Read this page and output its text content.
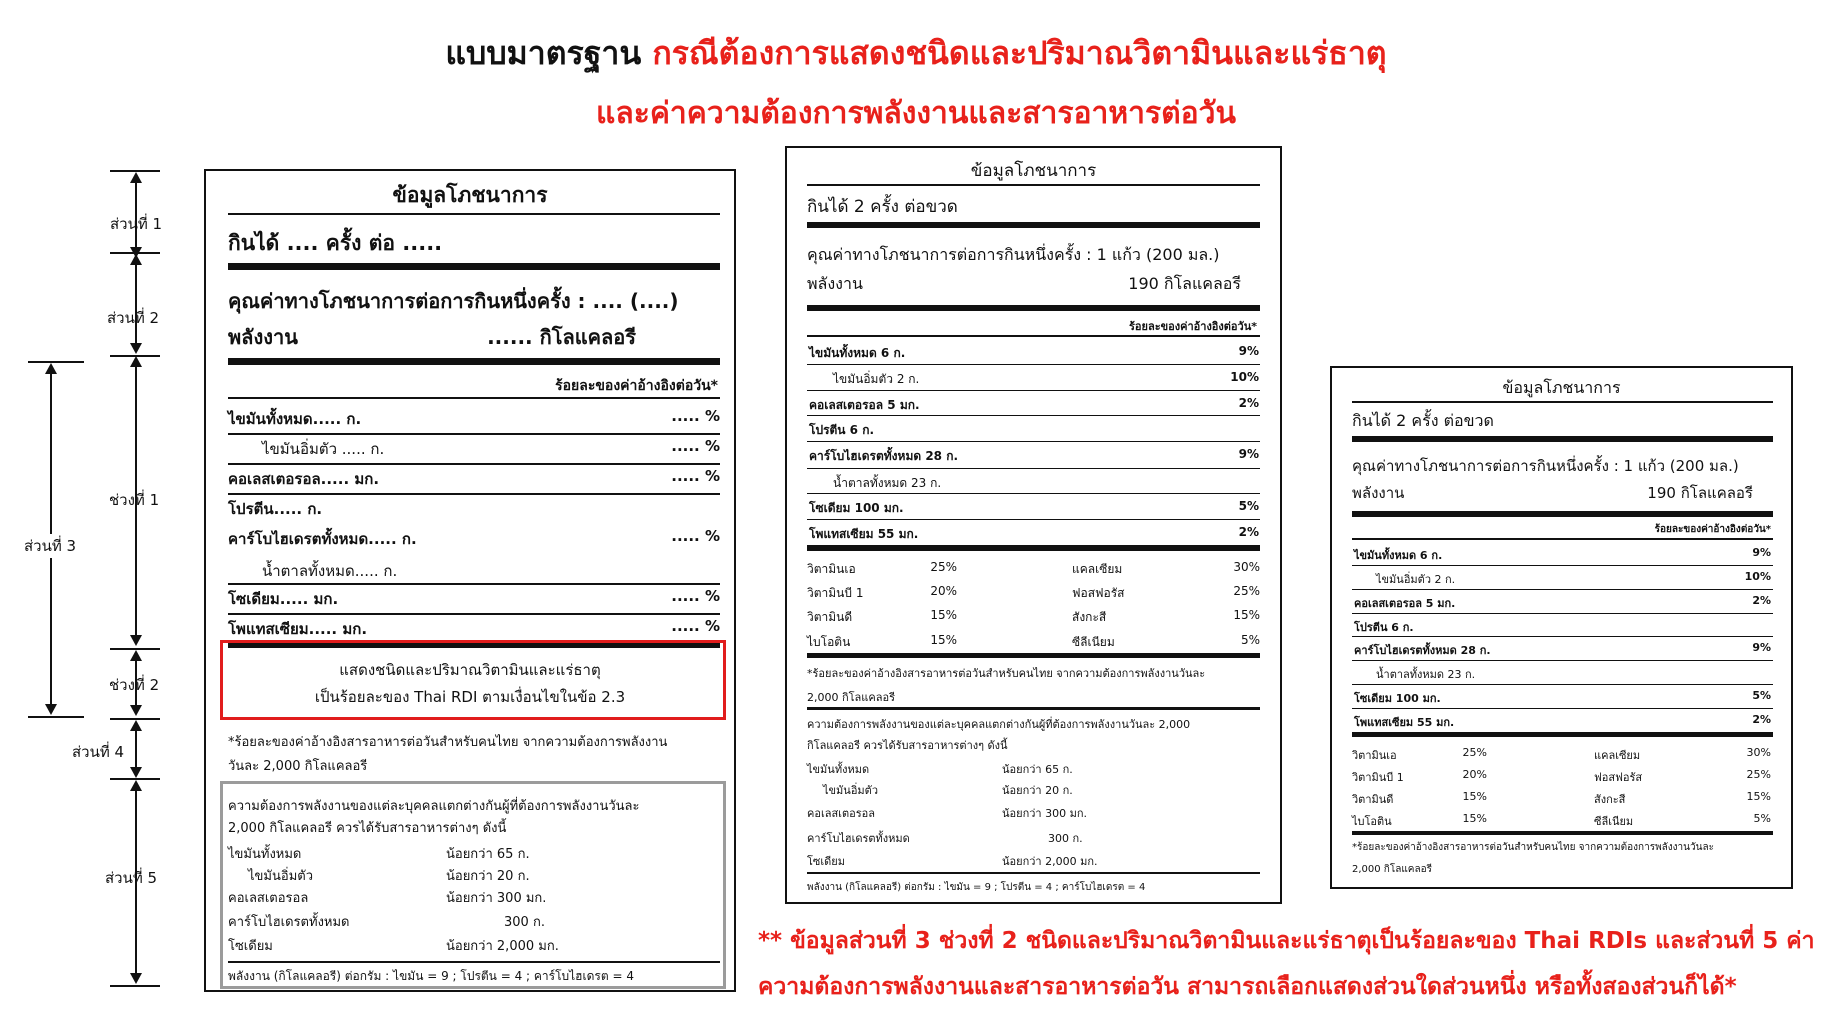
แบบมาตรฐาน กรณีต้องการแสดงชนิดและปริมาณวิตามินและแร่ธาตุ
และค่าความต้องการพลังงานและสารอาหารต่อวัน
ข้อมูลโภชนาการ
กินได้ .... ครั้ง ต่อ .....
คุณค่าทางโภชนาการต่อการกินหนึ่งครั้ง : .... (....)
พลังงาน	...... กิโลแคลอรี
ร้อยละของค่าอ้างอิงต่อวัน*
ไขมันทั้งหมด..... ก.	..... %
ไขมันอิ่มตัว ..... ก.	..... %
คอเลสเตอรอล..... มก.	..... %
โปรตีน..... ก.
คาร์โบไฮเดรตทั้งหมด..... ก.	..... %
น้ำตาลทั้งหมด..... ก.
โซเดียม..... มก.	..... %
โพแทสเซียม..... มก.	..... %
แสดงชนิดและปริมาณวิตามินและแร่ธาตุ
เป็นร้อยละของ Thai RDI ตามเงื่อนไขในข้อ 2.3
*ร้อยละของค่าอ้างอิงสารอาหารต่อวันสำหรับคนไทย จากความต้องการพลังงาน
วันละ 2,000 กิโลแคลอรี
ความต้องการพลังงานของแต่ละบุคคลแตกต่างกันผู้ที่ต้องการพลังงานวันละ
2,000 กิโลแคลอรี ควรได้รับสารอาหารต่างๆ ดังนี้
ไขมันทั้งหมด	น้อยกว่า 65 ก.
ไขมันอิ่มตัว	น้อยกว่า 20 ก.
คอเลสเตอรอล	น้อยกว่า 300 มก.
คาร์โบไฮเดรตทั้งหมด	300 ก.
โซเดียม	น้อยกว่า 2,000 มก.
พลังงาน (กิโลแคลอรี) ต่อกรัม : ไขมัน = 9 ; โปรตีน = 4 ; คาร์โบไฮเดรต = 4
ข้อมูลโภชนาการ
กินได้ 2 ครั้ง ต่อขวด
คุณค่าทางโภชนาการต่อการกินหนึ่งครั้ง : 1 แก้ว (200 มล.)
พลังงาน	190 กิโลแคลอรี
ร้อยละของค่าอ้างอิงต่อวัน*
ไขมันทั้งหมด 6 ก.	9%
ไขมันอิ่มตัว 2 ก.	10%
คอเลสเตอรอล 5 มก.	2%
โปรตีน 6 ก.
คาร์โบไฮเดรตทั้งหมด 28 ก.	9%
น้ำตาลทั้งหมด 23 ก.
โซเดียม 100 มก.	5%
โพแทสเซียม 55 มก.	2%
วิตามินเอ	25%	แคลเซียม	30%
วิตามินบี 1	20%	ฟอสฟอรัส	25%
วิตามินดี	15%	สังกะสี	15%
ไบโอติน	15%	ซีลีเนียม	5%
*ร้อยละของค่าอ้างอิงสารอาหารต่อวันสำหรับคนไทย จากความต้องการพลังงานวันละ
2,000 กิโลแคลอรี
ความต้องการพลังงานของแต่ละบุคคลแตกต่างกันผู้ที่ต้องการพลังงานวันละ 2,000
กิโลแคลอรี ควรได้รับสารอาหารต่างๆ ดังนี้
ไขมันทั้งหมด	น้อยกว่า 65 ก.
ไขมันอิ่มตัว	น้อยกว่า 20 ก.
คอเลสเตอรอล	น้อยกว่า 300 มก.
คาร์โบไฮเดรตทั้งหมด	300 ก.
โซเดียม	น้อยกว่า 2,000 มก.
พลังงาน (กิโลแคลอรี) ต่อกรัม : ไขมัน = 9 ; โปรตีน = 4 ; คาร์โบไฮเดรต = 4
ข้อมูลโภชนาการ
กินได้ 2 ครั้ง ต่อขวด
คุณค่าทางโภชนาการต่อการกินหนึ่งครั้ง : 1 แก้ว (200 มล.)
พลังงาน	190 กิโลแคลอรี
ร้อยละของค่าอ้างอิงต่อวัน*
ไขมันทั้งหมด 6 ก.	9%
ไขมันอิ่มตัว 2 ก.	10%
คอเลสเตอรอล 5 มก.	2%
โปรตีน 6 ก.
คาร์โบไฮเดรตทั้งหมด 28 ก.	9%
น้ำตาลทั้งหมด 23 ก.
โซเดียม 100 มก.	5%
โพแทสเซียม 55 มก.	2%
วิตามินเอ	25%	แคลเซียม	30%
วิตามินบี 1	20%	ฟอสฟอรัส	25%
วิตามินดี	15%	สังกะสี	15%
ไบโอติน	15%	ซีลีเนียม	5%
*ร้อยละของค่าอ้างอิงสารอาหารต่อวันสำหรับคนไทย จากความต้องการพลังงานวันละ
2,000 กิโลแคลอรี
** ข้อมูลส่วนที่ 3 ช่วงที่ 2 ชนิดและปริมาณวิตามินและแร่ธาตุเป็นร้อยละของ Thai RDIs และส่วนที่ 5 ค่าความต้องการพลังงานและสารอาหารต่อวัน สามารถเลือกแสดงส่วนใดส่วนหนึ่ง หรือทั้งสองส่วนก็ได้*
ส่วนที่ 1
ส่วนที่ 2
ช่วงที่ 1
ช่วงที่ 2
ส่วนที่ 4
ส่วนที่ 5
ส่วนที่ 3
